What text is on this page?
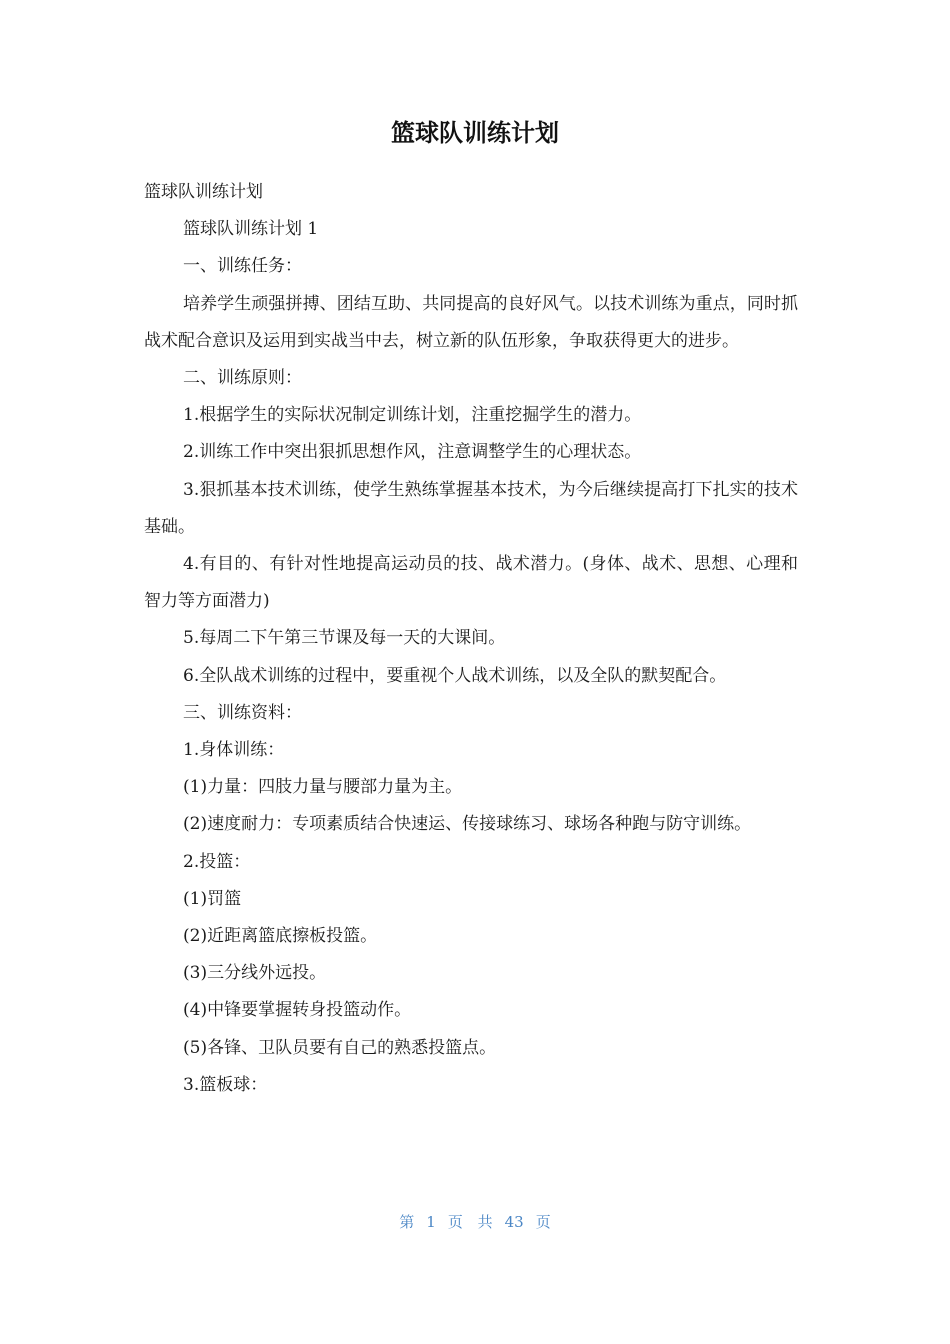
篮球队训练计划

篮球队训练计划

篮球队训练计划 1

一、训练任务：

培养学生顽强拼搏、团结互助、共同提高的良好风气。以技术训练为重点，同时抓战术配合意识及运用到实战当中去，树立新的队伍形象，争取获得更大的进步。

二、训练原则：

1.根据学生的实际状况制定训练计划，注重挖掘学生的潜力。

2.训练工作中突出狠抓思想作风，注意调整学生的心理状态。

3.狠抓基本技术训练，使学生熟练掌握基本技术，为今后继续提高打下扎实的技术基础。

4.有目的、有针对性地提高运动员的技、战术潜力。(身体、战术、思想、心理和智力等方面潜力)

5.每周二下午第三节课及每一天的大课间。

6.全队战术训练的过程中，要重视个人战术训练，以及全队的默契配合。

三、训练资料：

1.身体训练：

(1)力量：四肢力量与腰部力量为主。

(2)速度耐力：专项素质结合快速运、传接球练习、球场各种跑与防守训练。

2.投篮：

(1)罚篮

(2)近距离篮底擦板投篮。

(3)三分线外远投。

(4)中锋要掌握转身投篮动作。

(5)各锋、卫队员要有自己的熟悉投篮点。

3.篮板球：

第 1 页 共 43 页
